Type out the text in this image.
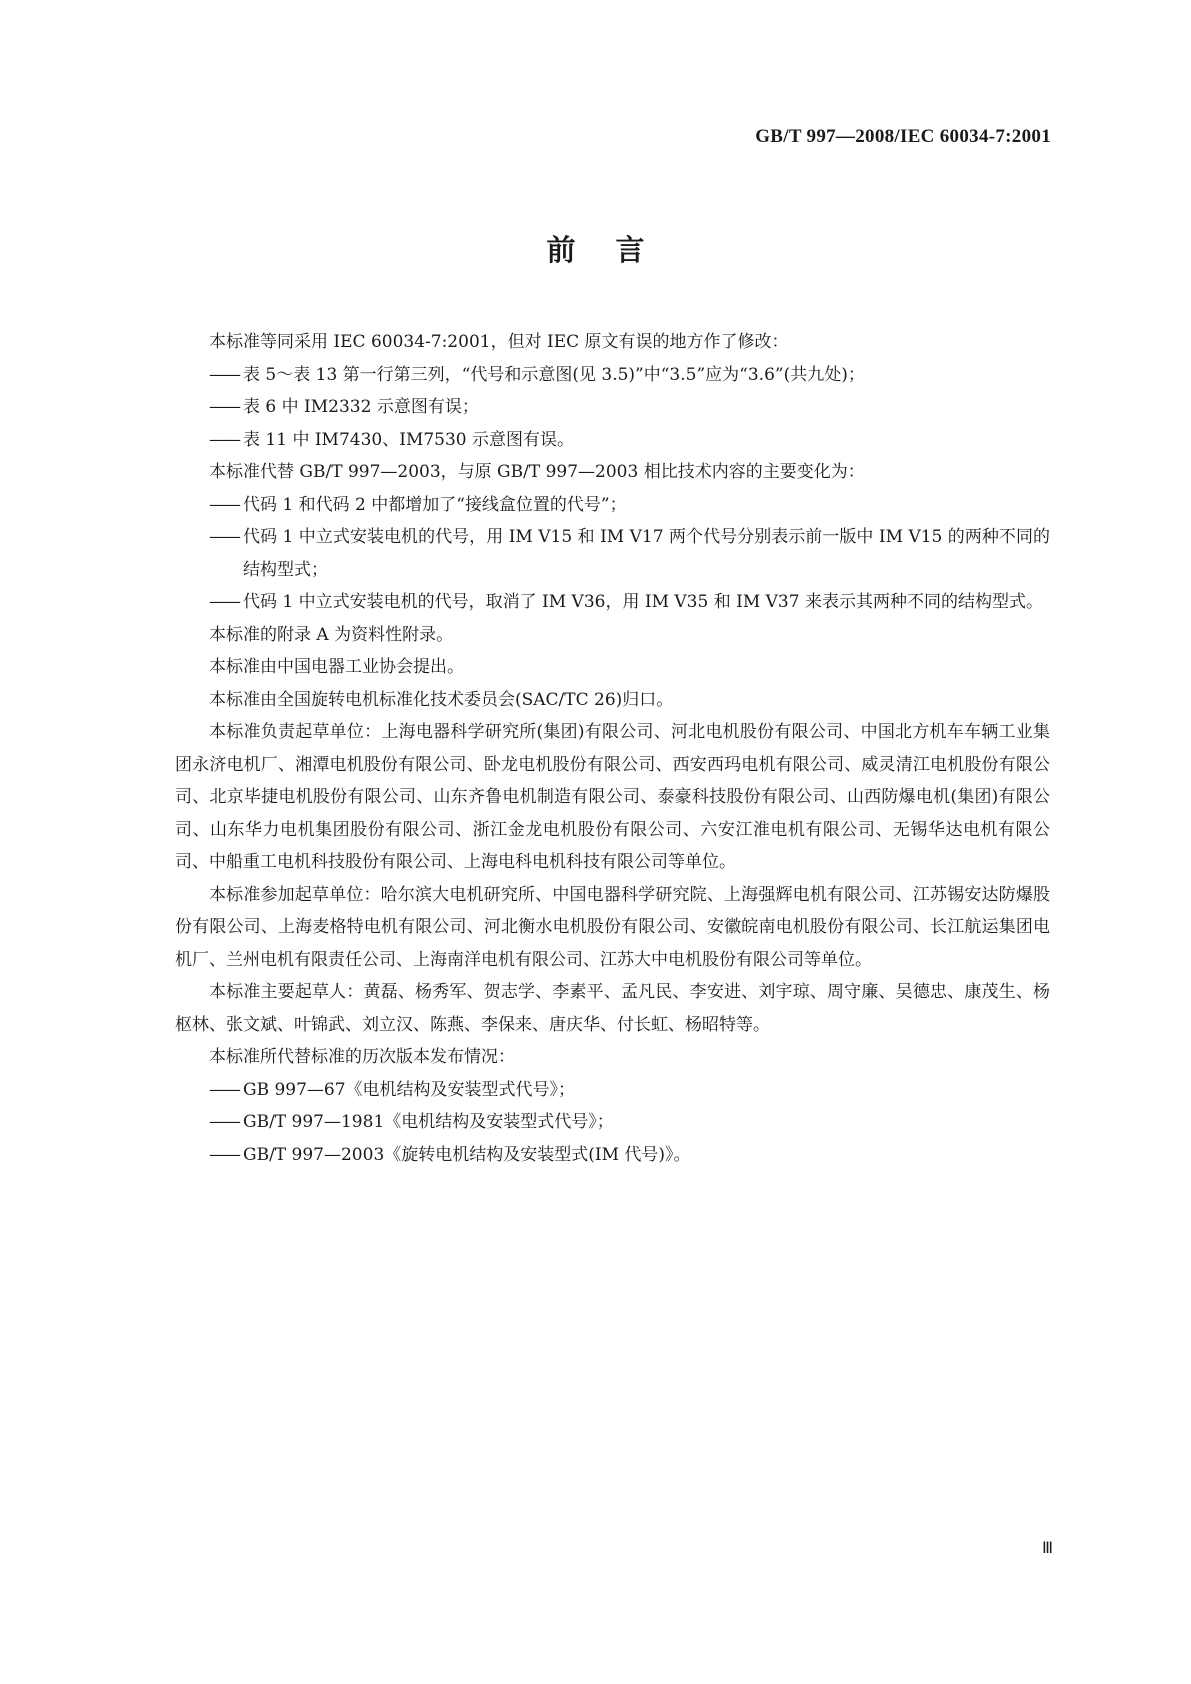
GB/T 997—2008/IEC 60034-7:2001
前言

本标准等同采用 IEC 60034-7:2001，但对 IEC 原文有误的地方作了修改：

—— 表 5～表 13 第一行第三列，“代号和示意图(见 3.5)”中“3.5”应为“3.6”(共九处)；

—— 表 6 中 IM2332 示意图有误；

—— 表 11 中 IM7430、IM7530 示意图有误。

本标准代替 GB/T 997—2003，与原 GB/T 997—2003 相比技术内容的主要变化为：

—— 代码 1 和代码 2 中都增加了“接线盒位置的代号”；

—— 代码 1 中立式安装电机的代号，用 IM V15 和 IM V17 两个代号分别表示前一版中 IM V15 的两种不同的结构型式；

—— 代码 1 中立式安装电机的代号，取消了 IM V36，用 IM V35 和 IM V37 来表示其两种不同的结构型式。

本标准的附录 A 为资料性附录。

本标准由中国电器工业协会提出。

本标准由全国旋转电机标准化技术委员会(SAC/TC 26)归口。

本标准负责起草单位：上海电器科学研究所(集团)有限公司、河北电机股份有限公司、中国北方机车车辆工业集团永济电机厂、湘潭电机股份有限公司、卧龙电机股份有限公司、西安西玛电机有限公司、威灵清江电机股份有限公司、北京毕捷电机股份有限公司、山东齐鲁电机制造有限公司、泰豪科技股份有限公司、山西防爆电机(集团)有限公司、山东华力电机集团股份有限公司、浙江金龙电机股份有限公司、六安江淮电机有限公司、无锡华达电机有限公司、中船重工电机科技股份有限公司、上海电科电机科技有限公司等单位。

本标准参加起草单位：哈尔滨大电机研究所、中国电器科学研究院、上海强辉电机有限公司、江苏锡安达防爆股份有限公司、上海麦格特电机有限公司、河北衡水电机股份有限公司、安徽皖南电机股份有限公司、长江航运集团电机厂、兰州电机有限责任公司、上海南洋电机有限公司、江苏大中电机股份有限公司等单位。

本标准主要起草人：黄磊、杨秀军、贺志学、李素平、孟凡民、李安进、刘宇琼、周守廉、吴德忠、康茂生、杨枢林、张文斌、叶锦武、刘立汉、陈燕、李保来、唐庆华、付长虹、杨昭特等。

本标准所代替标准的历次版本发布情况：

—— GB 997—67《电机结构及安装型式代号》；

—— GB/T 997—1981《电机结构及安装型式代号》；

—— GB/T 997—2003《旋转电机结构及安装型式(IM 代号)》。

Ⅲ
